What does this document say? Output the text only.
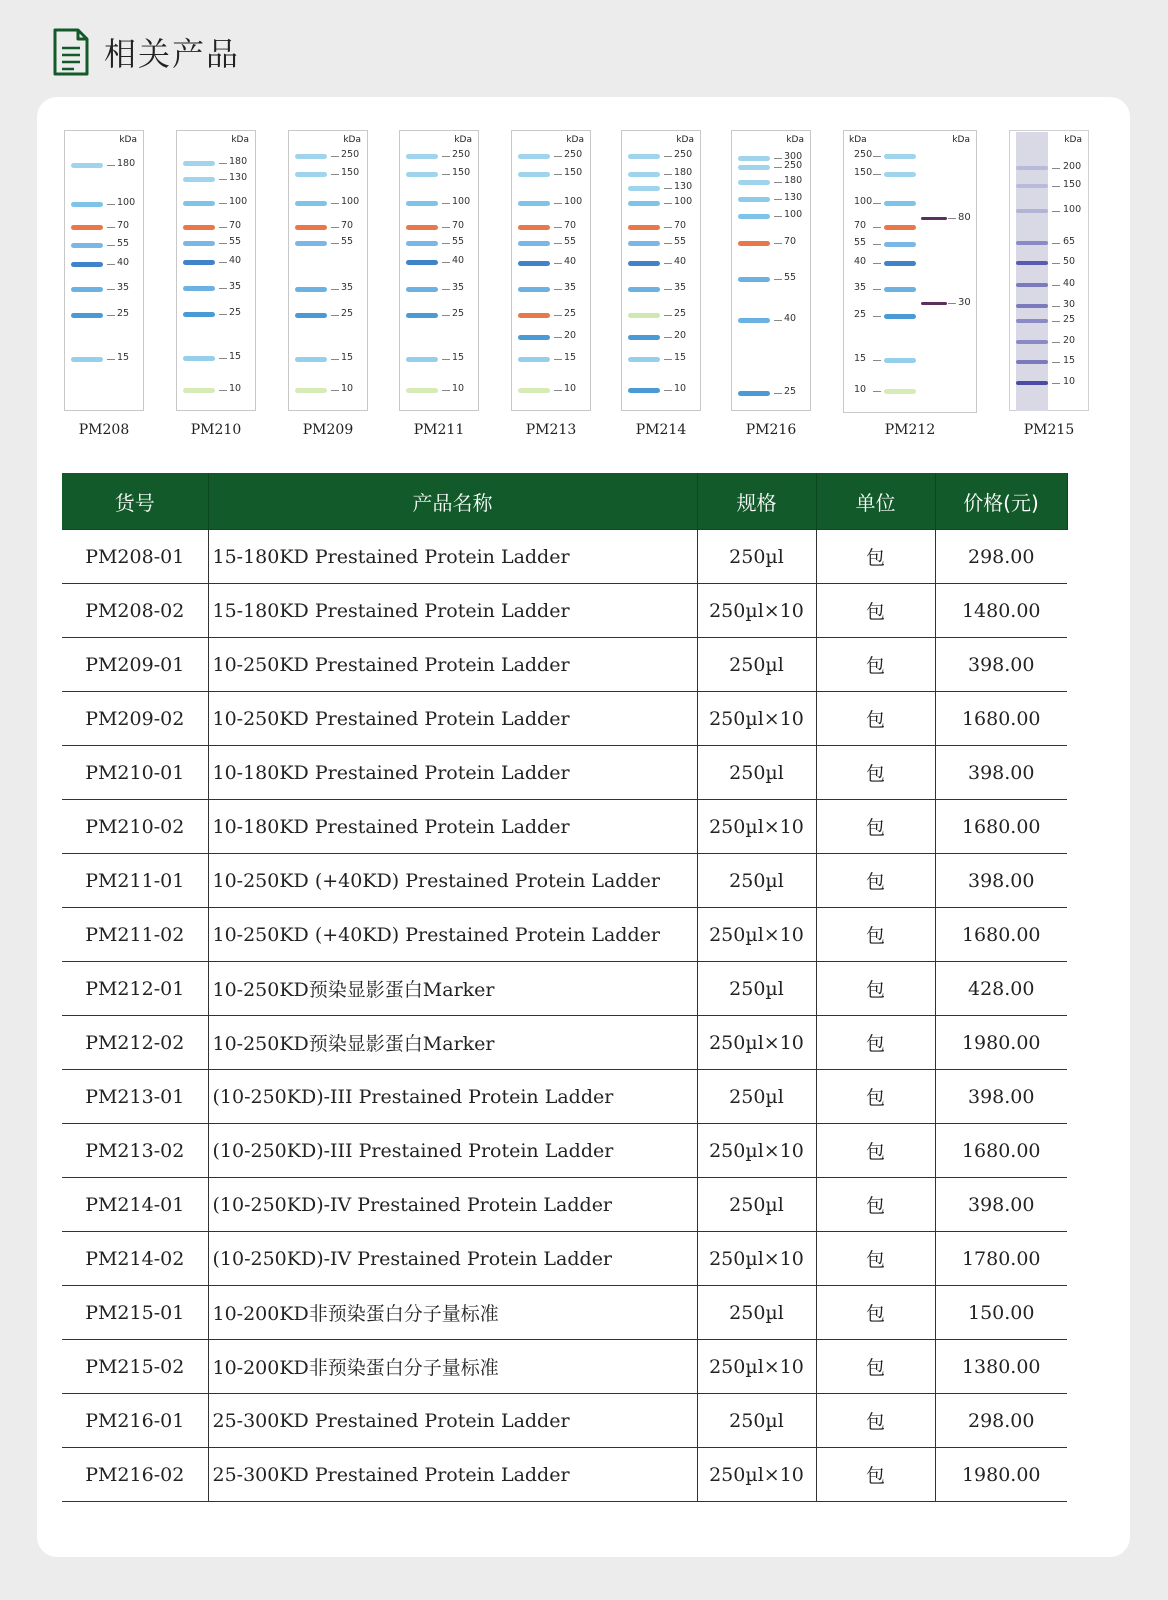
相关产品
kDa
180
100
70
55
40
35
25
15
PM208
kDa
180
130
100
70
55
40
35
25
15
10
PM210
kDa
250
150
100
70
55
35
25
15
10
PM209
kDa
250
150
100
70
55
40
35
25
15
10
PM211
kDa
250
150
100
70
55
40
35
25
20
15
10
PM213
kDa
250
180
130
100
70
55
40
35
25
20
15
10
PM214
kDa
300
250
180
130
100
70
55
40
25
PM216
kDa	kDa
250
150
100
70
55
40
35
25
15
10
80
30
PM212
kDa
200
150
100
65
50
40
30
25
20
15
10
PM215
货号	产品名称	规格	单位	价格(元)
PM208-01	15-180KD Prestained Protein Ladder	250µl	包	298.00
PM208-02	15-180KD Prestained Protein Ladder	250µl×10	包	1480.00
PM209-01	10-250KD Prestained Protein Ladder	250µl	包	398.00
PM209-02	10-250KD Prestained Protein Ladder	250µl×10	包	1680.00
PM210-01	10-180KD Prestained Protein Ladder	250µl	包	398.00
PM210-02	10-180KD Prestained Protein Ladder	250µl×10	包	1680.00
PM211-01	10-250KD (+40KD) Prestained Protein Ladder	250µl	包	398.00
PM211-02	10-250KD (+40KD) Prestained Protein Ladder	250µl×10	包	1680.00
PM212-01	10-250KD预染显影蛋白Marker	250µl	包	428.00
PM212-02	10-250KD预染显影蛋白Marker	250µl×10	包	1980.00
PM213-01	(10-250KD)-III Prestained Protein Ladder	250µl	包	398.00
PM213-02	(10-250KD)-III Prestained Protein Ladder	250µl×10	包	1680.00
PM214-01	(10-250KD)-IV Prestained Protein Ladder	250µl	包	398.00
PM214-02	(10-250KD)-IV Prestained Protein Ladder	250µl×10	包	1780.00
PM215-01	10-200KD非预染蛋白分子量标准	250µl	包	150.00
PM215-02	10-200KD非预染蛋白分子量标准	250µl×10	包	1380.00
PM216-01	25-300KD Prestained Protein Ladder	250µl	包	298.00
PM216-02	25-300KD Prestained Protein Ladder	250µl×10	包	1980.00
